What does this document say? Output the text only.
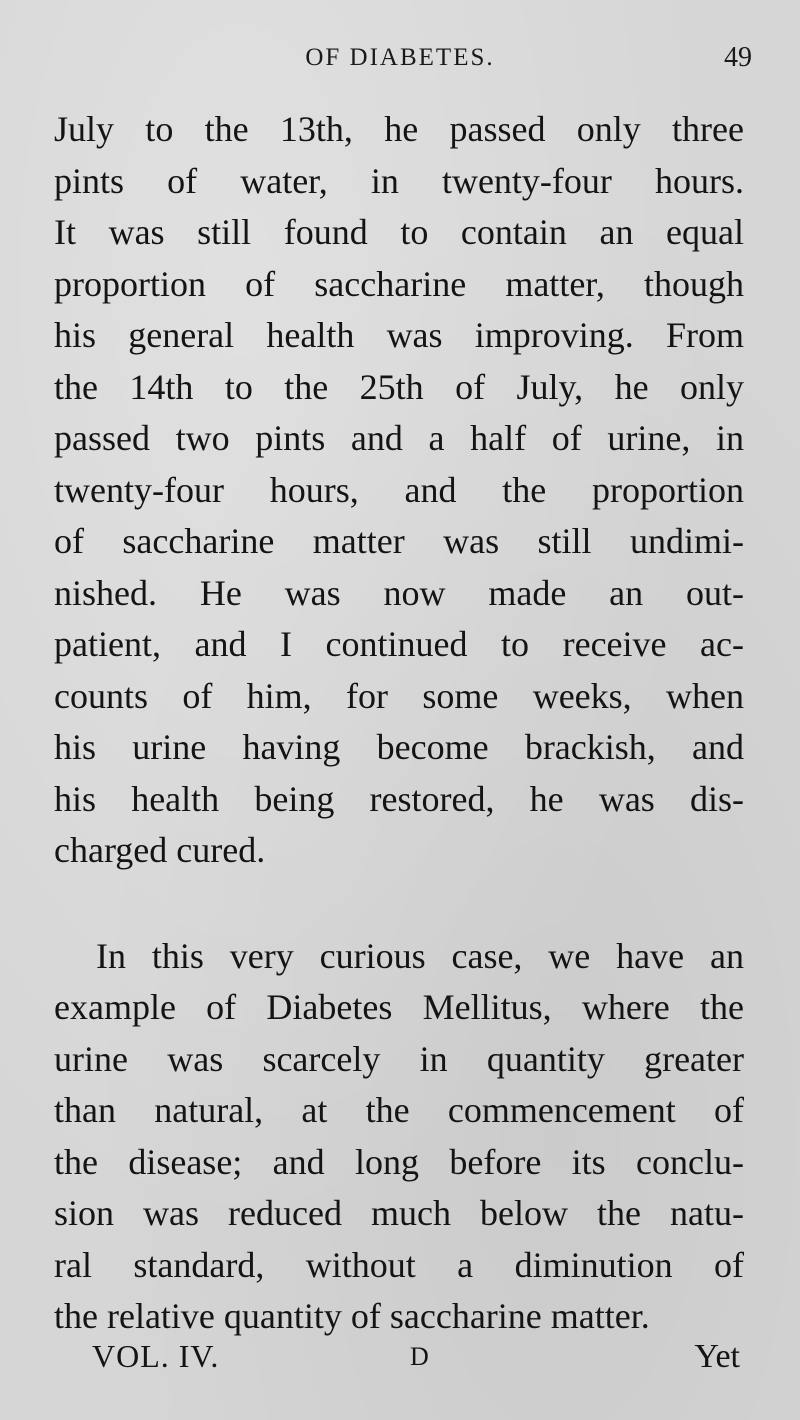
OF DIABETES.	49
July to the 13th, he passed only three
pints of water, in twenty-four hours.
It was still found to contain an equal
proportion of saccharine matter, though
his general health was improving. From
the 14th to the 25th of July, he only
passed two pints and a half of urine, in
twenty-four hours, and the proportion
of saccharine matter was still undimi-
nished. He was now made an out-
patient, and I continued to receive ac-
counts of him, for some weeks, when
his urine having become brackish, and
his health being restored, he was dis-
charged cured.
In this very curious case, we have an
example of Diabetes Mellitus, where the
urine was scarcely in quantity greater
than natural, at the commencement of
the disease; and long before its conclu-
sion was reduced much below the natu-
ral standard, without a diminution of
the relative quantity of saccharine matter.
VOL. IV.	D	Yet
